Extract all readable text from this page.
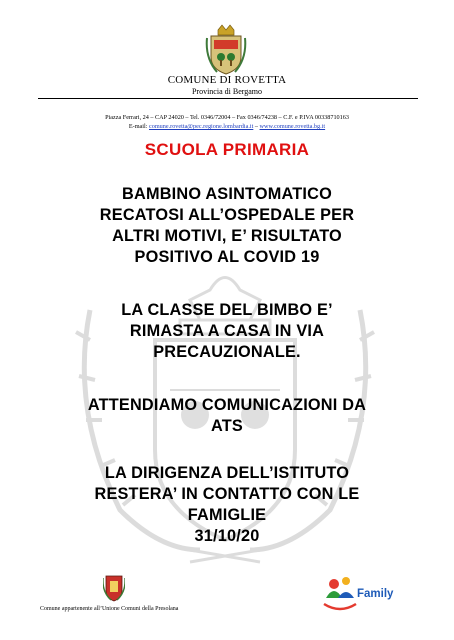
COMUNE DI ROVETTA
Provincia di Bergamo
Piazza Ferrari, 24 – CAP 24020 – Tel. 0346/72004 – Fax 0346/74238 – C.F. e P.IVA 00338710163
E-mail: comune.rovetta@pec.regione.lombardia.it – www.comune.rovetta.bg.it
SCUOLA PRIMARIA
BAMBINO ASINTOMATICO
RECATOSI ALL’OSPEDALE PER
ALTRI MOTIVI, E’ RISULTATO
POSITIVO AL COVID 19
LA CLASSE DEL BIMBO E’
RIMASTA A CASA IN VIA
PRECAUZIONALE.
ATTENDIAMO COMUNICAZIONI DA
ATS
LA DIRIGENZA DELL’ISTITUTO
RESTERA’ IN CONTATTO CON LE
FAMIGLIE
31/10/20
Comune appartenente all’Unione Comuni della Presolana
Family
